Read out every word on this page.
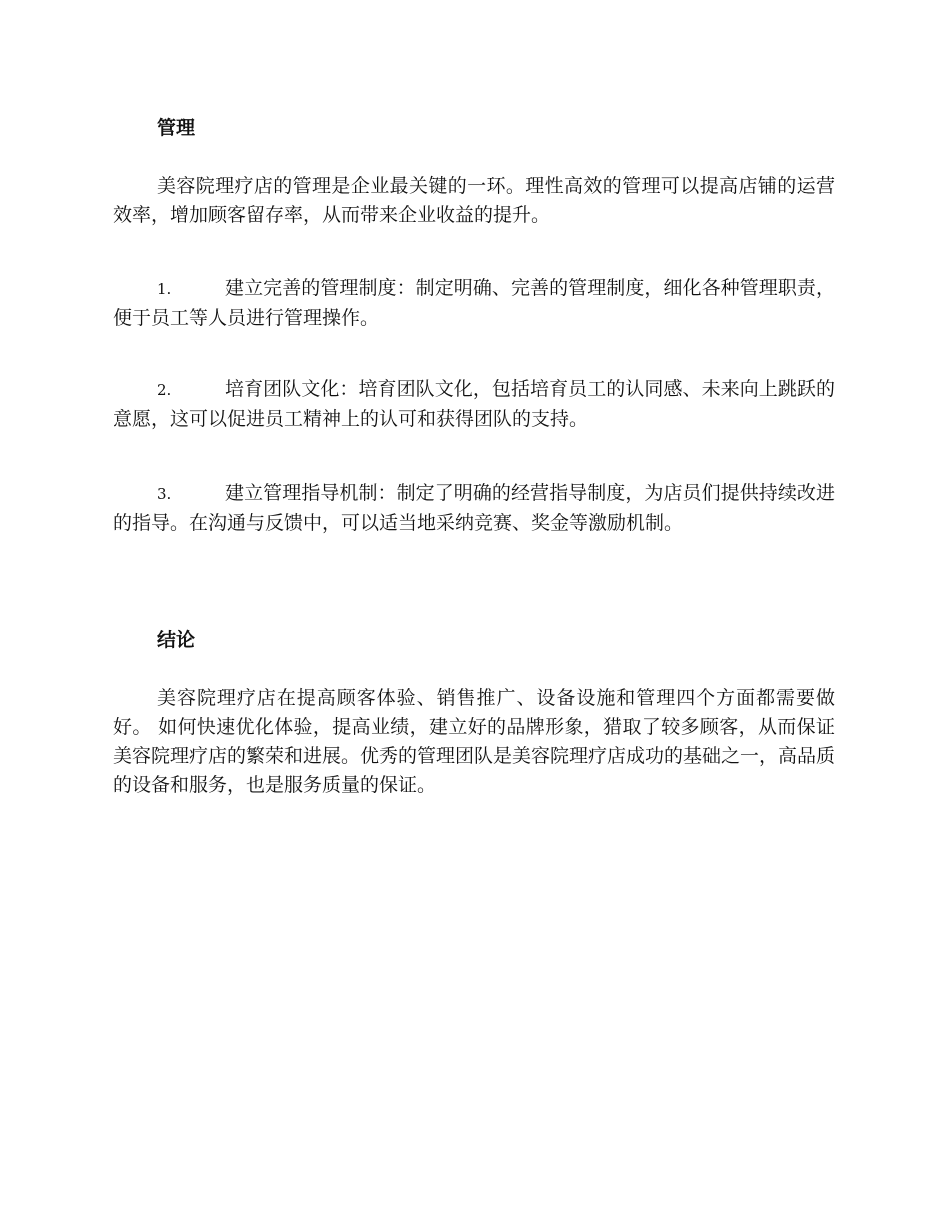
管理
美容院理疗店的管理是企业最关键的一环。理性高效的管理可以提高店铺的运营效率，增加顾客留存率，从而带来企业收益的提升。
1.	建立完善的管理制度：制定明确、完善的管理制度，细化各种管理职责，便于员工等人员进行管理操作。
2.	培育团队文化：培育团队文化，包括培育员工的认同感、未来向上跳跃的意愿，这可以促进员工精神上的认可和获得团队的支持。
3.	建立管理指导机制：制定了明确的经营指导制度，为店员们提供持续改进的指导。在沟通与反馈中，可以适当地采纳竞赛、奖金等激励机制。
结论
美容院理疗店在提高顾客体验、销售推广、设备设施和管理四个方面都需要做好。 如何快速优化体验，提高业绩，建立好的品牌形象，猎取了较多顾客，从而保证美容院理疗店的繁荣和进展。优秀的管理团队是美容院理疗店成功的基础之一，高品质的设备和服务，也是服务质量的保证。
